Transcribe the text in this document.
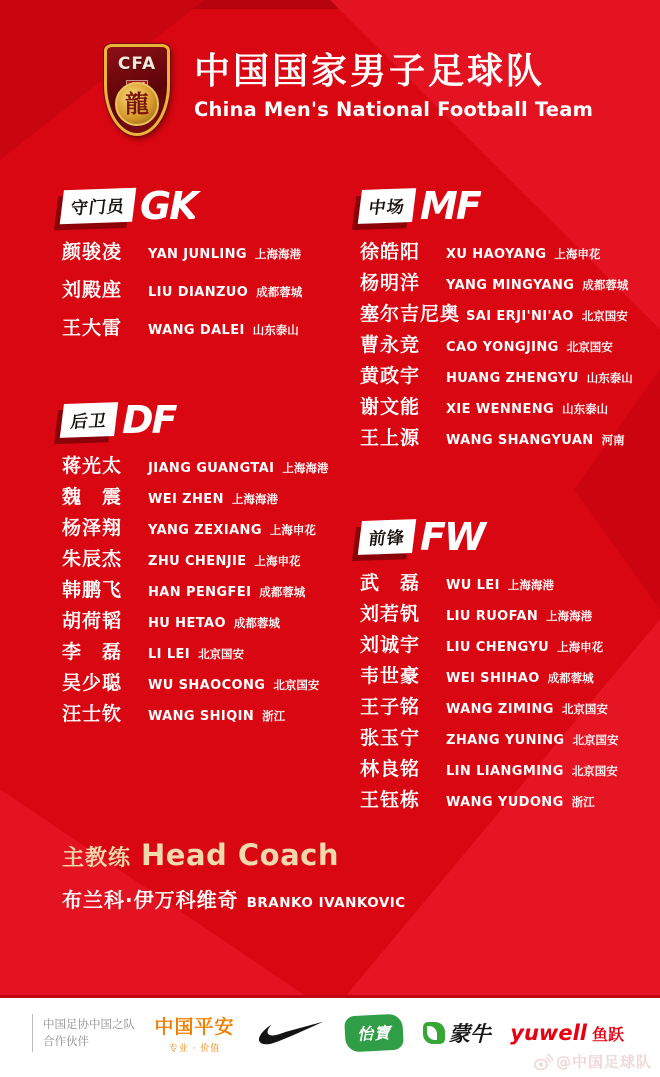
CFA
龍
中国国家男子足球队
China Men's National Football Team
守门员 GK
颜骏凌	YAN JUNLING 上海海港
刘殿座	LIU DIANZUO 成都蓉城
王大雷	WANG DALEI 山东泰山
后卫 DF
蒋光太	JIANG GUANGTAI 上海海港
魏　震	WEI ZHEN 上海海港
杨泽翔	YANG ZEXIANG 上海申花
朱辰杰	ZHU CHENJIE 上海申花
韩鹏飞	HAN PENGFEI 成都蓉城
胡荷韬	HU HETAO 成都蓉城
李　磊	LI LEI 北京国安
吴少聪	WU SHAOCONG 北京国安
汪士钦	WANG SHIQIN 浙江
中场 MF
徐皓阳	XU HAOYANG 上海申花
杨明洋	YANG MINGYANG 成都蓉城
塞尔吉尼奥 SAI ERJI'NI'AO 北京国安
曹永竞	CAO YONGJING 北京国安
黄政宇	HUANG ZHENGYU 山东泰山
谢文能	XIE WENNENG 山东泰山
王上源	WANG SHANGYUAN 河南
前锋 FW
武　磊	WU LEI 上海海港
刘若钒	LIU RUOFAN 上海海港
刘诚宇	LIU CHENGYU 上海申花
韦世豪	WEI SHIHAO 成都蓉城
王子铭	WANG ZIMING 北京国安
张玉宁	ZHANG YUNING 北京国安
林良铭	LIN LIANGMING 北京国安
王钰栋	WANG YUDONG 浙江
主教练 Head Coach
布兰科·伊万科维奇 BRANKO IVANKOVIC
中国足协中国之队
合作伙伴
中国平安
专业 · 价值
怡寶	蒙牛 yuwell 鱼跃
@中国足球队
